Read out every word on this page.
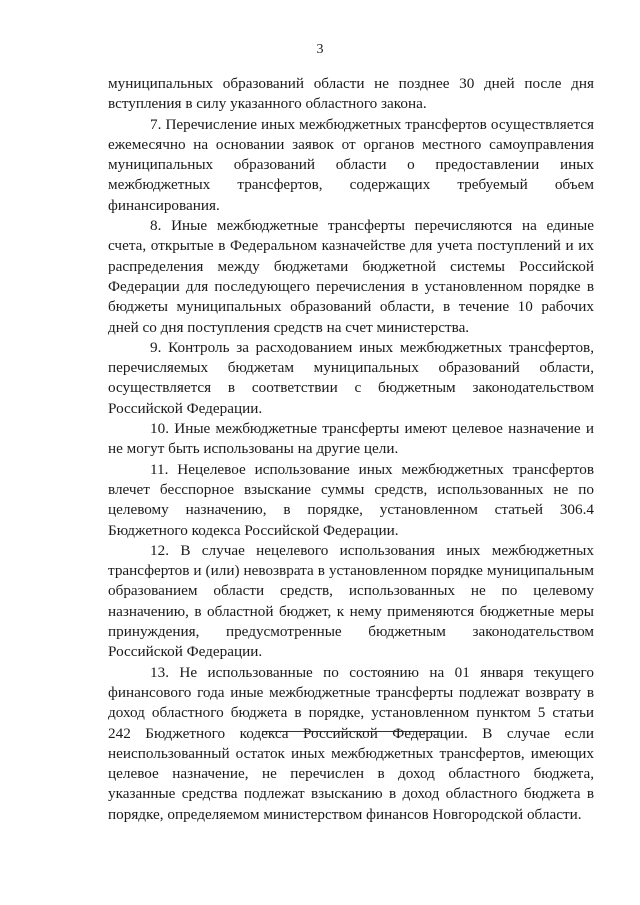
3

муниципальных образований области не позднее 30 дней после дня вступления в силу указанного областного закона.

7. Перечисление иных межбюджетных трансфертов осуществляется ежемесячно на основании заявок от органов местного самоуправления муниципальных образований области о предоставлении иных межбюджетных трансфертов, содержащих требуемый объем финансирования.

8. Иные межбюджетные трансферты перечисляются на единые счета, открытые в Федеральном казначействе для учета поступлений и их распределения между бюджетами бюджетной системы Российской Федерации для последующего перечисления в установленном порядке в бюджеты муниципальных образований области, в течение 10 рабочих дней со дня поступления средств на счет министерства.

9. Контроль за расходованием иных межбюджетных трансфертов, перечисляемых бюджетам муниципальных образований области, осуществляется в соответствии с бюджетным законодательством Российской Федерации.

10. Иные межбюджетные трансферты имеют целевое назначение и не могут быть использованы на другие цели.

11. Нецелевое использование иных межбюджетных трансфертов влечет бесспорное взыскание суммы средств, использованных не по целевому назначению, в порядке, установленном статьей 306.4 Бюджетного кодекса Российской Федерации.

12. В случае нецелевого использования иных межбюджетных трансфертов и (или) невозврата в установленном порядке муниципальным образованием области средств, использованных не по целевому назначению, в областной бюджет, к нему применяются бюджетные меры принуждения, предусмотренные бюджетным законодательством Российской Федерации.

13. Не использованные по состоянию на 01 января текущего финансового года иные межбюджетные трансферты подлежат возврату в доход областного бюджета в порядке, установленном пунктом 5 статьи 242 Бюджетного кодекса Российской Федерации. В случае если неиспользованный остаток иных межбюджетных трансфертов, имеющих целевое назначение, не перечислен в доход областного бюджета, указанные средства подлежат взысканию в доход областного бюджета в порядке, определяемом министерством финансов Новгородской области.
